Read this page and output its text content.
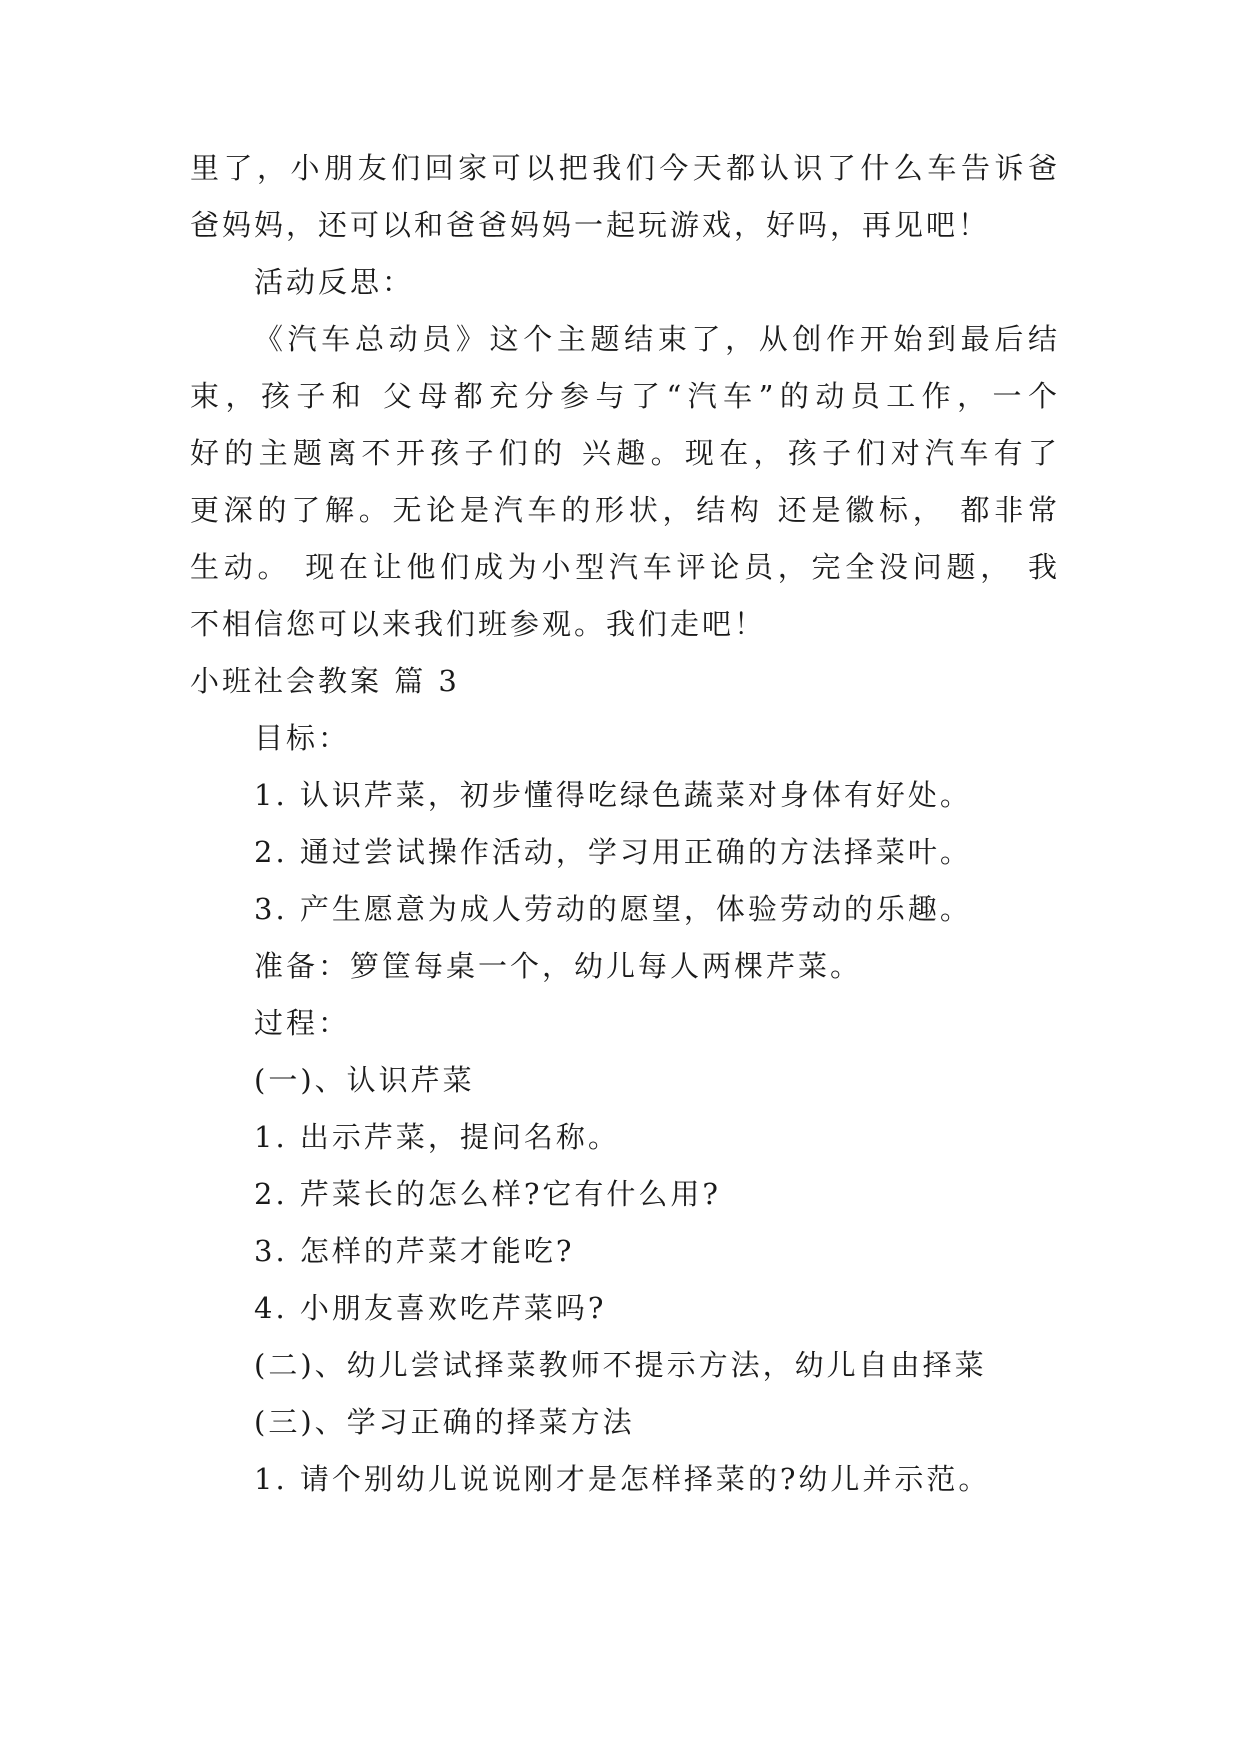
里了，小朋友们回家可以把我们今天都认识了什么车告诉爸
爸妈妈，还可以和爸爸妈妈一起玩游戏，好吗，再见吧！
活动反思：
《汽车总动员》这个主题结束了，从创作开始到最后结
束，孩子和 父母都充分参与了“汽车”的动员工作，一个
好的主题离不开孩子们的 兴趣。现在，孩子们对汽车有了
更深的了解。无论是汽车的形状，结构 还是徽标， 都非常
生动。 现在让他们成为小型汽车评论员，完全没问题， 我
不相信您可以来我们班参观。我们走吧！
小班社会教案 篇 3
目标：
1. 认识芹菜，初步懂得吃绿色蔬菜对身体有好处。
2. 通过尝试操作活动，学习用正确的方法择菜叶。
3. 产生愿意为成人劳动的愿望，体验劳动的乐趣。
准备：箩筐每桌一个，幼儿每人两棵芹菜。
过程：
(一)、认识芹菜
1. 出示芹菜，提问名称。
2. 芹菜长的怎么样?它有什么用?
3. 怎样的芹菜才能吃?
4. 小朋友喜欢吃芹菜吗?
(二)、幼儿尝试择菜教师不提示方法，幼儿自由择菜
(三)、学习正确的择菜方法
1. 请个别幼儿说说刚才是怎样择菜的?幼儿并示范。
